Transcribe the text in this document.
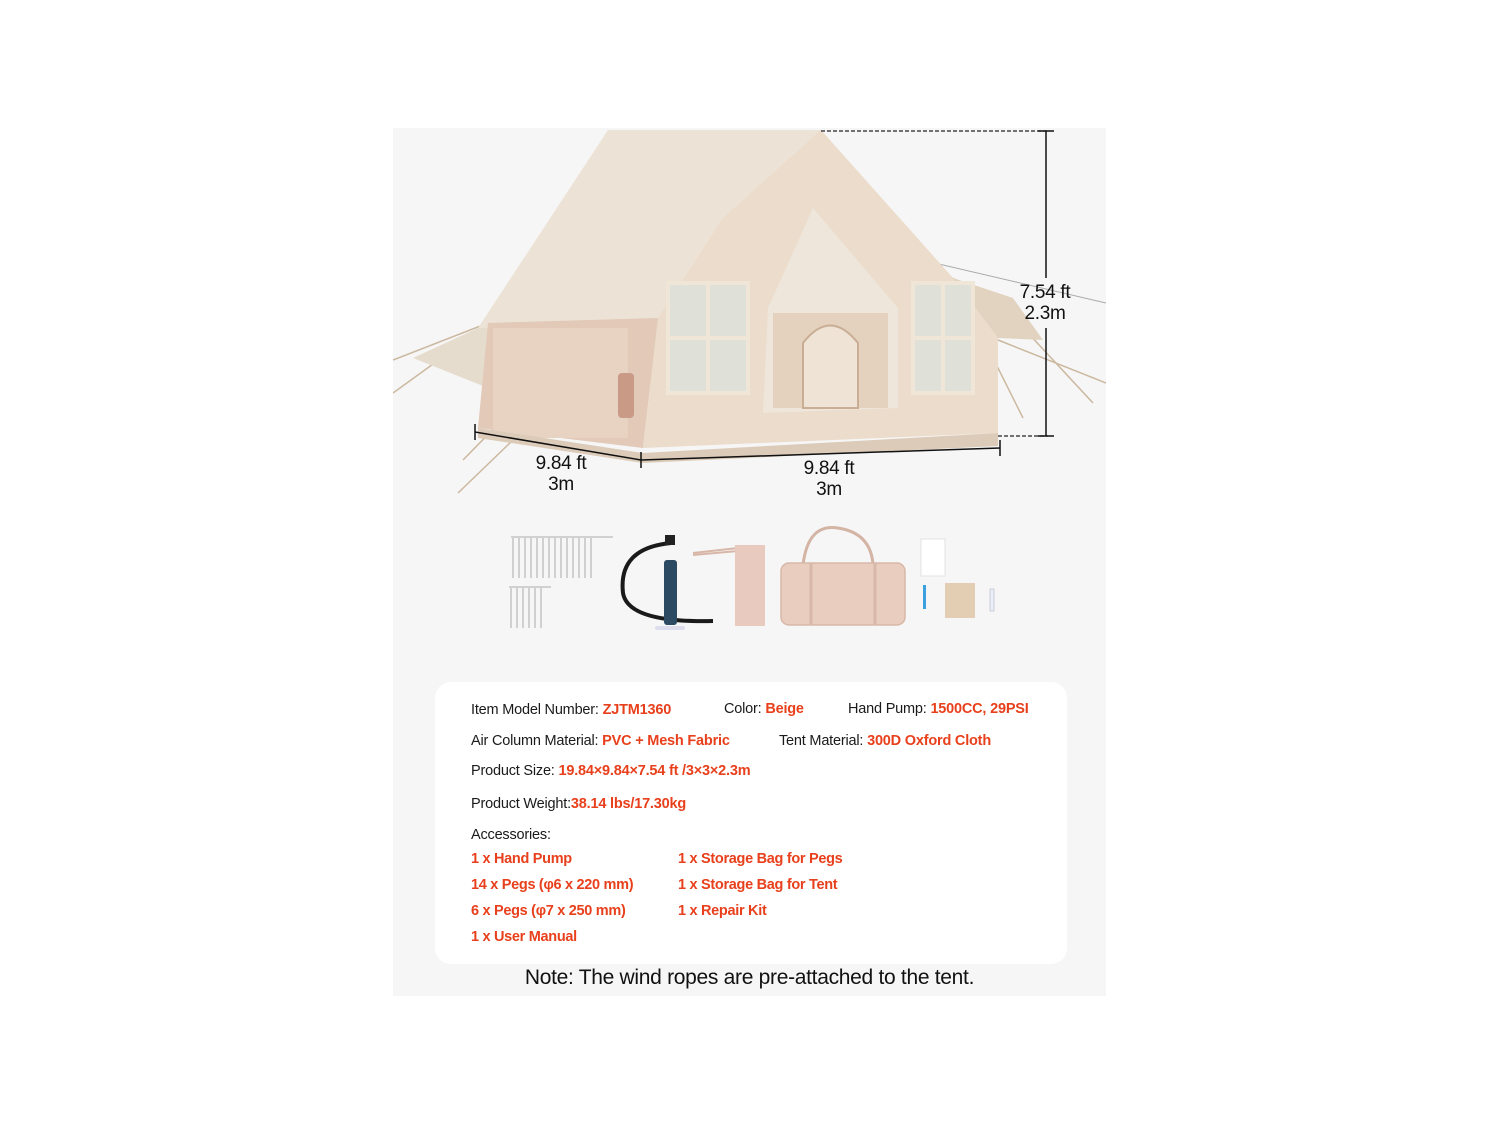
7.54 ft
2.3m
9.84 ft
3m
9.84 ft
3m
Item Model Number: ZJTM1360	Color: Beige	Hand Pump: 1500CC, 29PSI
Air Column Material: PVC + Mesh Fabric	Tent Material: 300D Oxford Cloth
Product Size: 19.84×9.84×7.54 ft /3×3×2.3m
Product Weight:38.14 lbs/17.30kg
Accessories:
1 x Hand Pump
14 x Pegs (φ6 x 220 mm)
6 x Pegs (φ7 x 250 mm)
1 x User Manual
1 x Storage Bag for Pegs
1 x Storage Bag for Tent
1 x Repair Kit
Note: The wind ropes are pre-attached to the tent.
